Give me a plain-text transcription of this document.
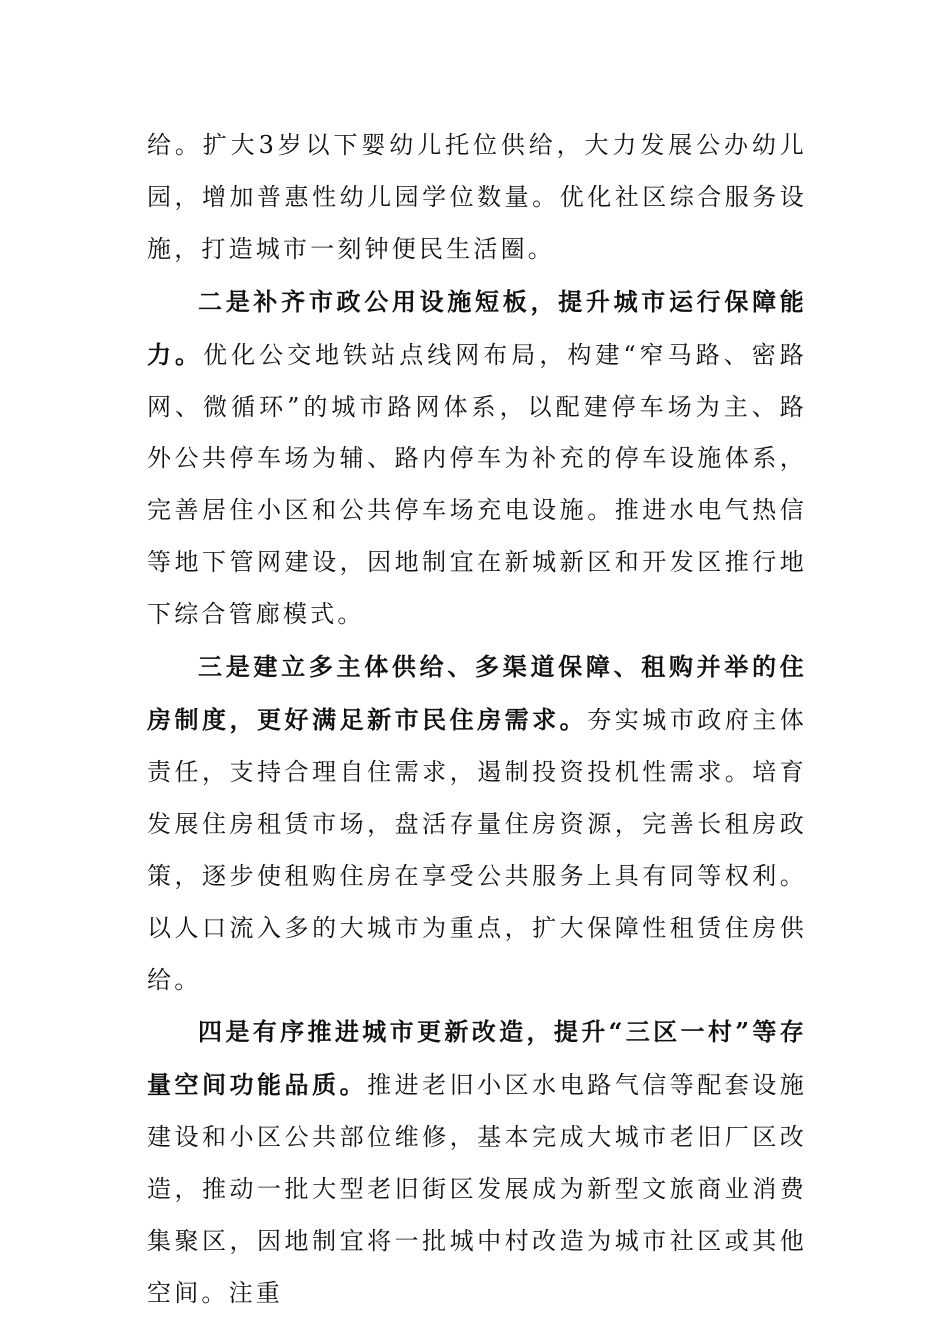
给。扩大3岁以下婴幼儿托位供给，大力发展公办幼儿园，增加普惠性幼儿园学位数量。优化社区综合服务设施，打造城市一刻钟便民生活圈。

二是补齐市政公用设施短板，提升城市运行保障能力。优化公交地铁站点线网布局，构建“窄马路、密路网、微循环”的城市路网体系，以配建停车场为主、路外公共停车场为辅、路内停车为补充的停车设施体系，完善居住小区和公共停车场充电设施。推进水电气热信等地下管网建设，因地制宜在新城新区和开发区推行地下综合管廊模式。

三是建立多主体供给、多渠道保障、租购并举的住房制度，更好满足新市民住房需求。夯实城市政府主体责任，支持合理自住需求，遏制投资投机性需求。培育发展住房租赁市场，盘活存量住房资源，完善长租房政策，逐步使租购住房在享受公共服务上具有同等权利。以人口流入多的大城市为重点，扩大保障性租赁住房供给。

四是有序推进城市更新改造，提升“三区一村”等存量空间功能品质。推进老旧小区水电路气信等配套设施建设和小区公共部位维修，基本完成大城市老旧厂区改造，推动一批大型老旧街区发展成为新型文旅商业消费集聚区，因地制宜将一批城中村改造为城市社区或其他空间。注重
